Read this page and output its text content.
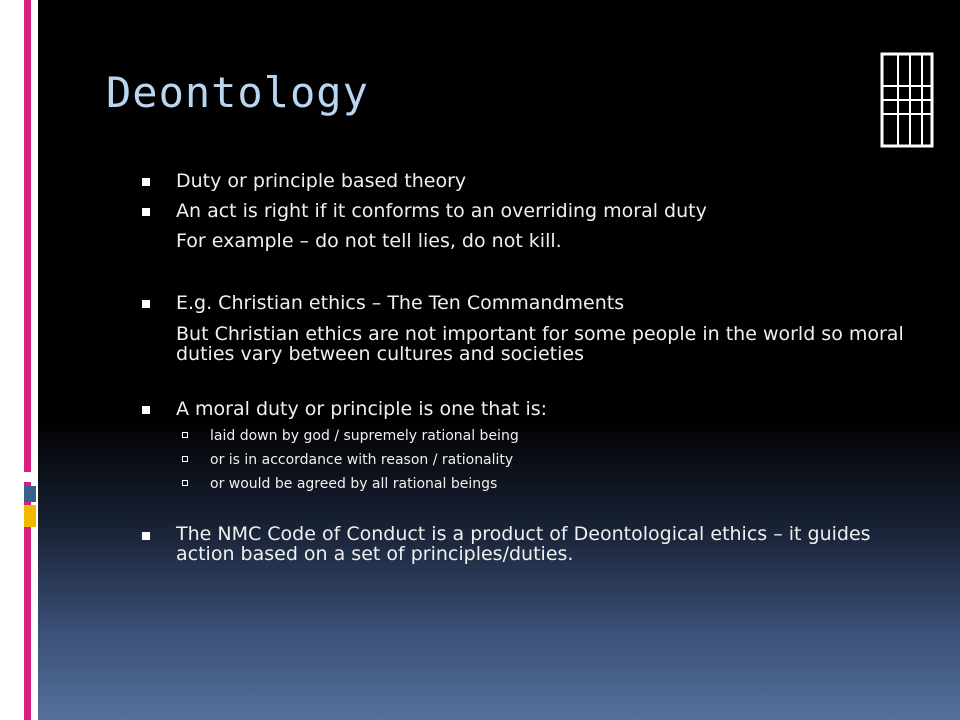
Deontology
Duty or principle based theory
An act is right if it conforms to an overriding moral duty
For example – do not tell lies, do not kill.
E.g. Christian ethics – The Ten Commandments
But Christian ethics are not important for some people in the world so moral duties vary between cultures and societies
A moral duty or principle is one that is:
laid down by god / supremely rational being
or is in accordance with reason / rationality
or would be agreed by all rational beings
The NMC Code of Conduct is a product of Deontological ethics – it guides action based on a set of principles/duties.
